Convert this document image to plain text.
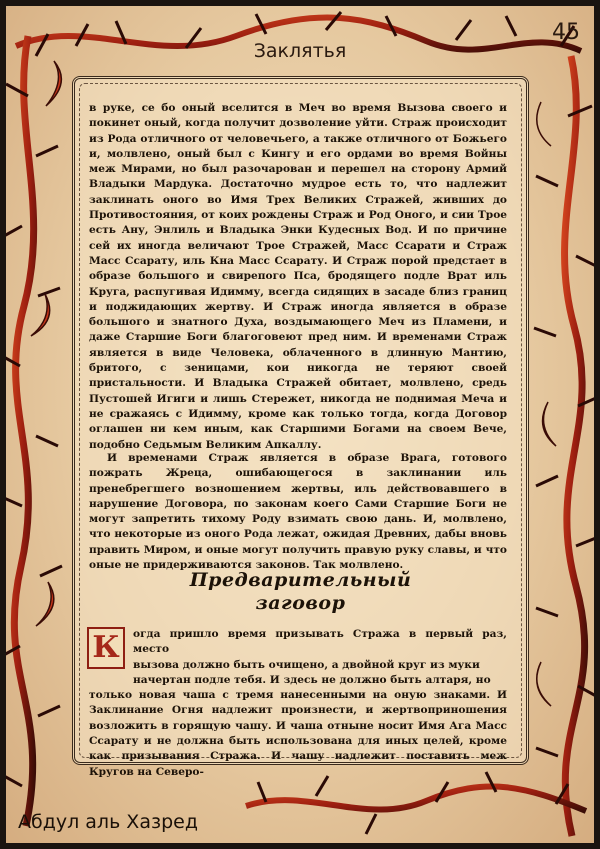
45
Заклятья

в руке, се бо оный вселится в Меч во время Вызова своего и покинет оный, когда получит дозволение уйти. Страж происходит из Рода отличного от человечьего, а также отличного от Божьего и, молвлено, оный был с Кингу и его ордами во время Войны меж Мирами, но был разочарован и перешел на сторону Армий Владыки Мардука. Достаточно мудрое есть то, что надлежит заклинать оного во Имя Трех Великих Стражей, живших до Противостояния, от коих рождены Страж и Род Оного, и сии Трое есть Ану, Энлиль и Владыка Энки Кудесных Вод. И по причине сей их иногда величают Трое Стражей, Масс Ссарати и Страж Масс Ссарату, иль Кна Масс Ссарату. И Страж порой предстает в образе большого и свирепого Пса, бродящего подле Врат иль Круга, распугивая Идимму, всегда сидящих в засаде близ границ и поджидающих жертву. И Страж иногда является в образе большого и знатного Духа, воздымающего Меч из Пламени, и даже Старшие Боги благоговеют пред ним. И временами Страж является в виде Человека, облаченного в длинную Мантию, бритого, с зеницами, кои никогда не теряют своей пристальности. И Владыка Стражей обитает, молвлено, средь Пустошей Игиги и лишь Стережет, никогда не поднимая Меча и не сражаясь с Идимму, кроме как только тогда, когда Договор оглашен ни кем иным, как Старшими Богами на своем Вече, подобно Седьмым Великим Апкаллу.

И временами Страж является в образе Врага, готового пожрать Жреца, ошибающегося в заклинании иль пренебрегшего возношением жертвы, иль действовавшего в нарушение Договора, по законам коего Сами Старшие Боги не могут запретить тихому Роду взимать свою дань. И, молвлено, что некоторые из оного Рода лежат, ожидая Древних, дабы вновь править Миром, и оные могут получить правую руку славы, и что оные не придерживаются законов. Так молвлено.

Предварительный
заговор
К	огда пришло время призывать Стража в первый раз, место
вызова должно быть очищено, а двойной круг из муки
начертан подле тебя. И здесь не должно быть алтаря, но
только новая чаша с тремя нанесенными на оную знаками. И Заклинание Огня надлежит произнести, и жертвоприношения возложить в горящую чашу. И чаша отныне носит Имя Ага Масс Ссарату и не должна быть использована для иных целей, кроме как призывания Стража. И чашу надлежит поставить меж Кругов на Северо-

Абдул аль Хазред
